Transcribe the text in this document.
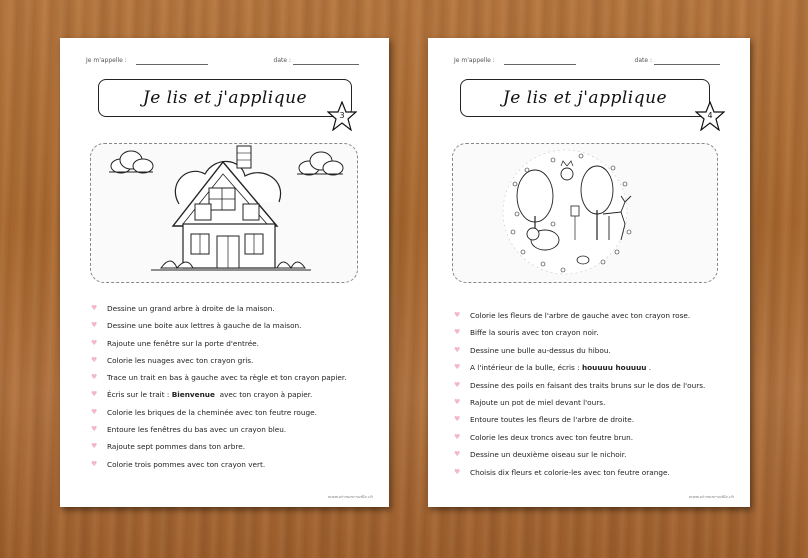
Je m'appelle :	date :
Je lis et j'applique
3
♥ Dessine un grand arbre à droite de la maison.
♥ Dessine une boite aux lettres à gauche de la maison.
♥ Rajoute une fenêtre sur la porte d'entrée.
♥ Colorie les nuages avec ton crayon gris.
♥ Trace un trait en bas à gauche avec ta règle et ton crayon papier.
♥ Écris sur le trait : Bienvenue avec ton crayon à papier.
♥ Colorie les briques de la cheminée avec ton feutre rouge.
♥ Entoure les fenêtres du bas avec un crayon bleu.
♥ Rajoute sept pommes dans ton arbre.
♥ Colorie trois pommes avec ton crayon vert.
www.et-mere-veille.ch
Je m'appelle :	date :
Je lis et j'applique
4
♥ Colorie les fleurs de l'arbre de gauche avec ton crayon rose.
♥ Biffe la souris avec ton crayon noir.
♥ Dessine une bulle au-dessus du hibou.
♥ A l'intérieur de la bulle, écris : houuuu houuuu .
♥ Dessine des poils en faisant des traits bruns sur le dos de l'ours.
♥ Rajoute un pot de miel devant l'ours.
♥ Entoure toutes les fleurs de l'arbre de droite.
♥ Colorie les deux troncs avec ton feutre brun.
♥ Dessine un deuxième oiseau sur le nichoir.
♥ Choisis dix fleurs et colorie-les avec ton feutre orange.
www.et-mere-veille.ch
